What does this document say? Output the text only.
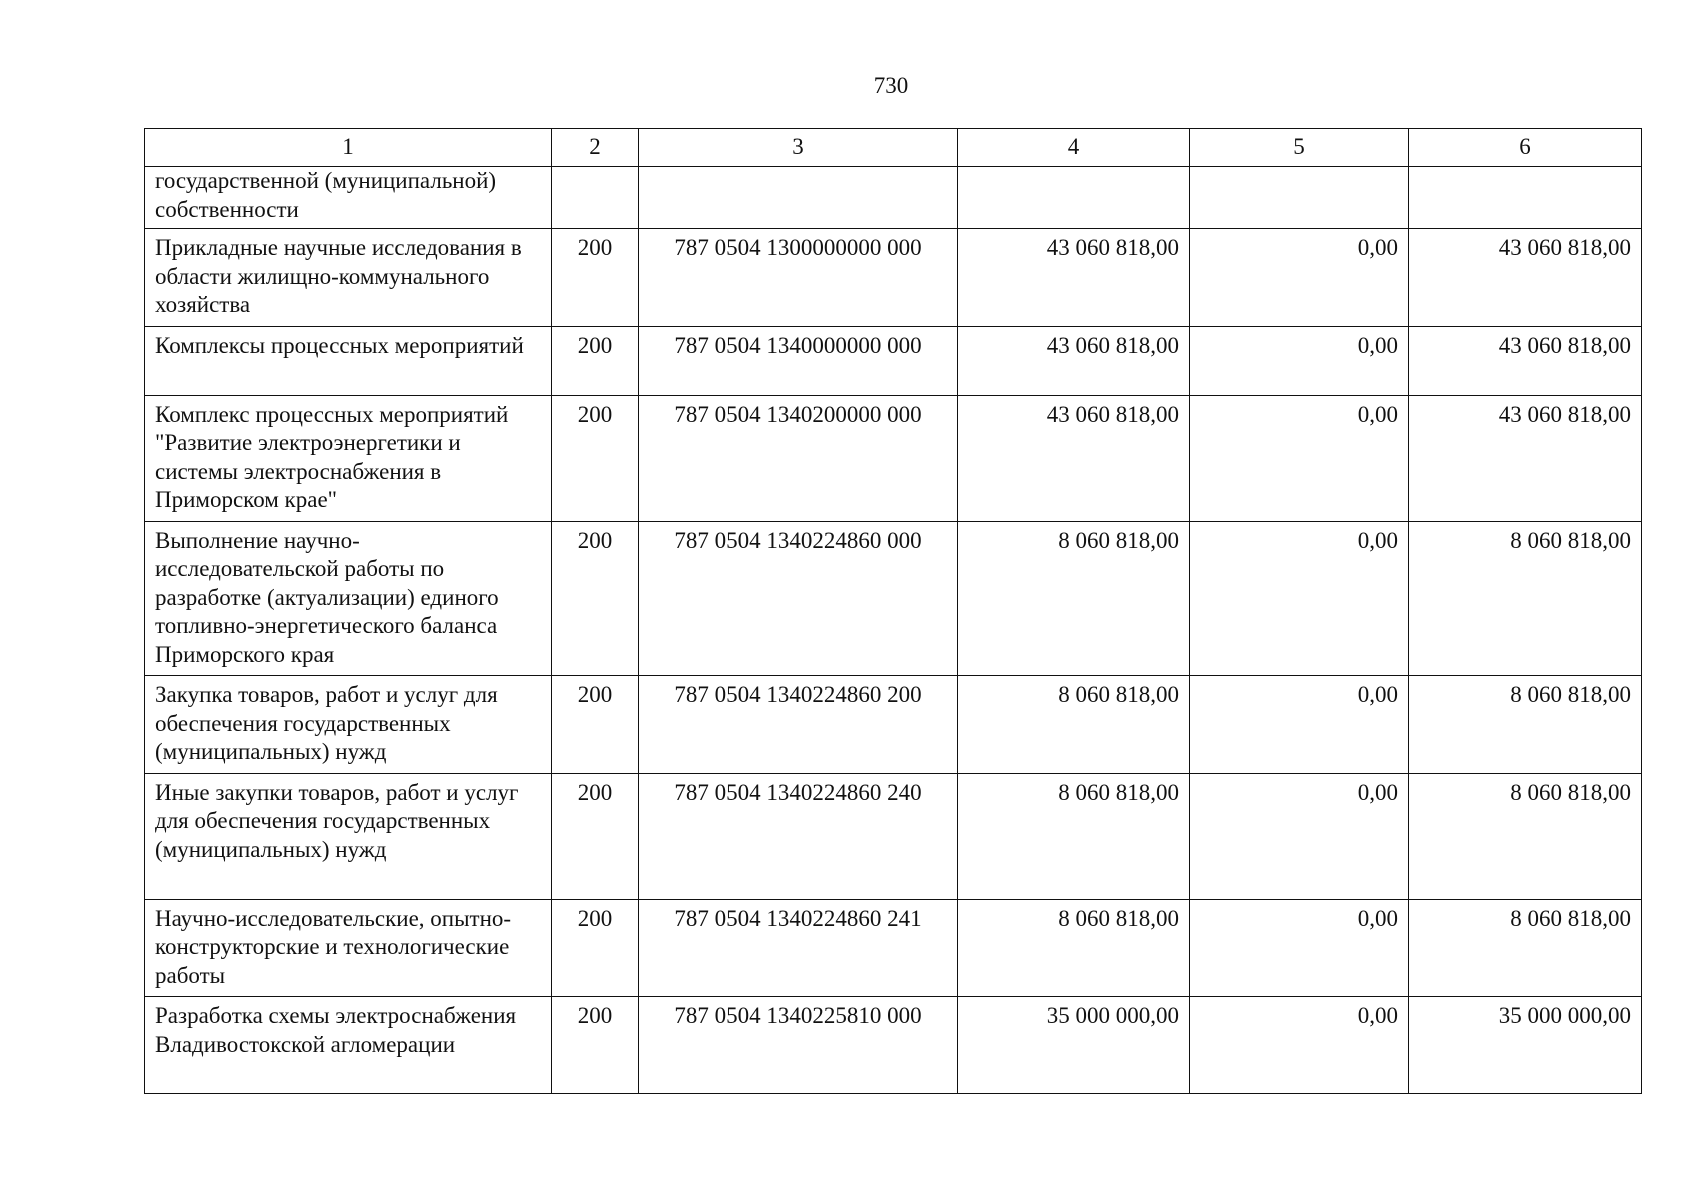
730
1	2	3	4	5	6
государственной (муниципальной) собственности					
Прикладные научные исследования в области жилищно-коммунального хозяйства	200	787 0504 1300000000 000	43 060 818,00	0,00	43 060 818,00
Комплексы процессных мероприятий	200	787 0504 1340000000 000	43 060 818,00	0,00	43 060 818,00
Комплекс процессных мероприятий "Развитие электроэнергетики и системы электроснабжения в Приморском крае"	200	787 0504 1340200000 000	43 060 818,00	0,00	43 060 818,00
Выполнение научно-исследовательской работы по разработке (актуализации) единого топливно-энергетического баланса Приморского края	200	787 0504 1340224860 000	8 060 818,00	0,00	8 060 818,00
Закупка товаров, работ и услуг для обеспечения государственных (муниципальных) нужд	200	787 0504 1340224860 200	8 060 818,00	0,00	8 060 818,00
Иные закупки товаров, работ и услуг для обеспечения государственных (муниципальных) нужд	200	787 0504 1340224860 240	8 060 818,00	0,00	8 060 818,00
Научно-исследовательские, опытно-конструкторские и технологические работы	200	787 0504 1340224860 241	8 060 818,00	0,00	8 060 818,00
Разработка схемы электроснабжения Владивостокской агломерации	200	787 0504 1340225810 000	35 000 000,00	0,00	35 000 000,00
